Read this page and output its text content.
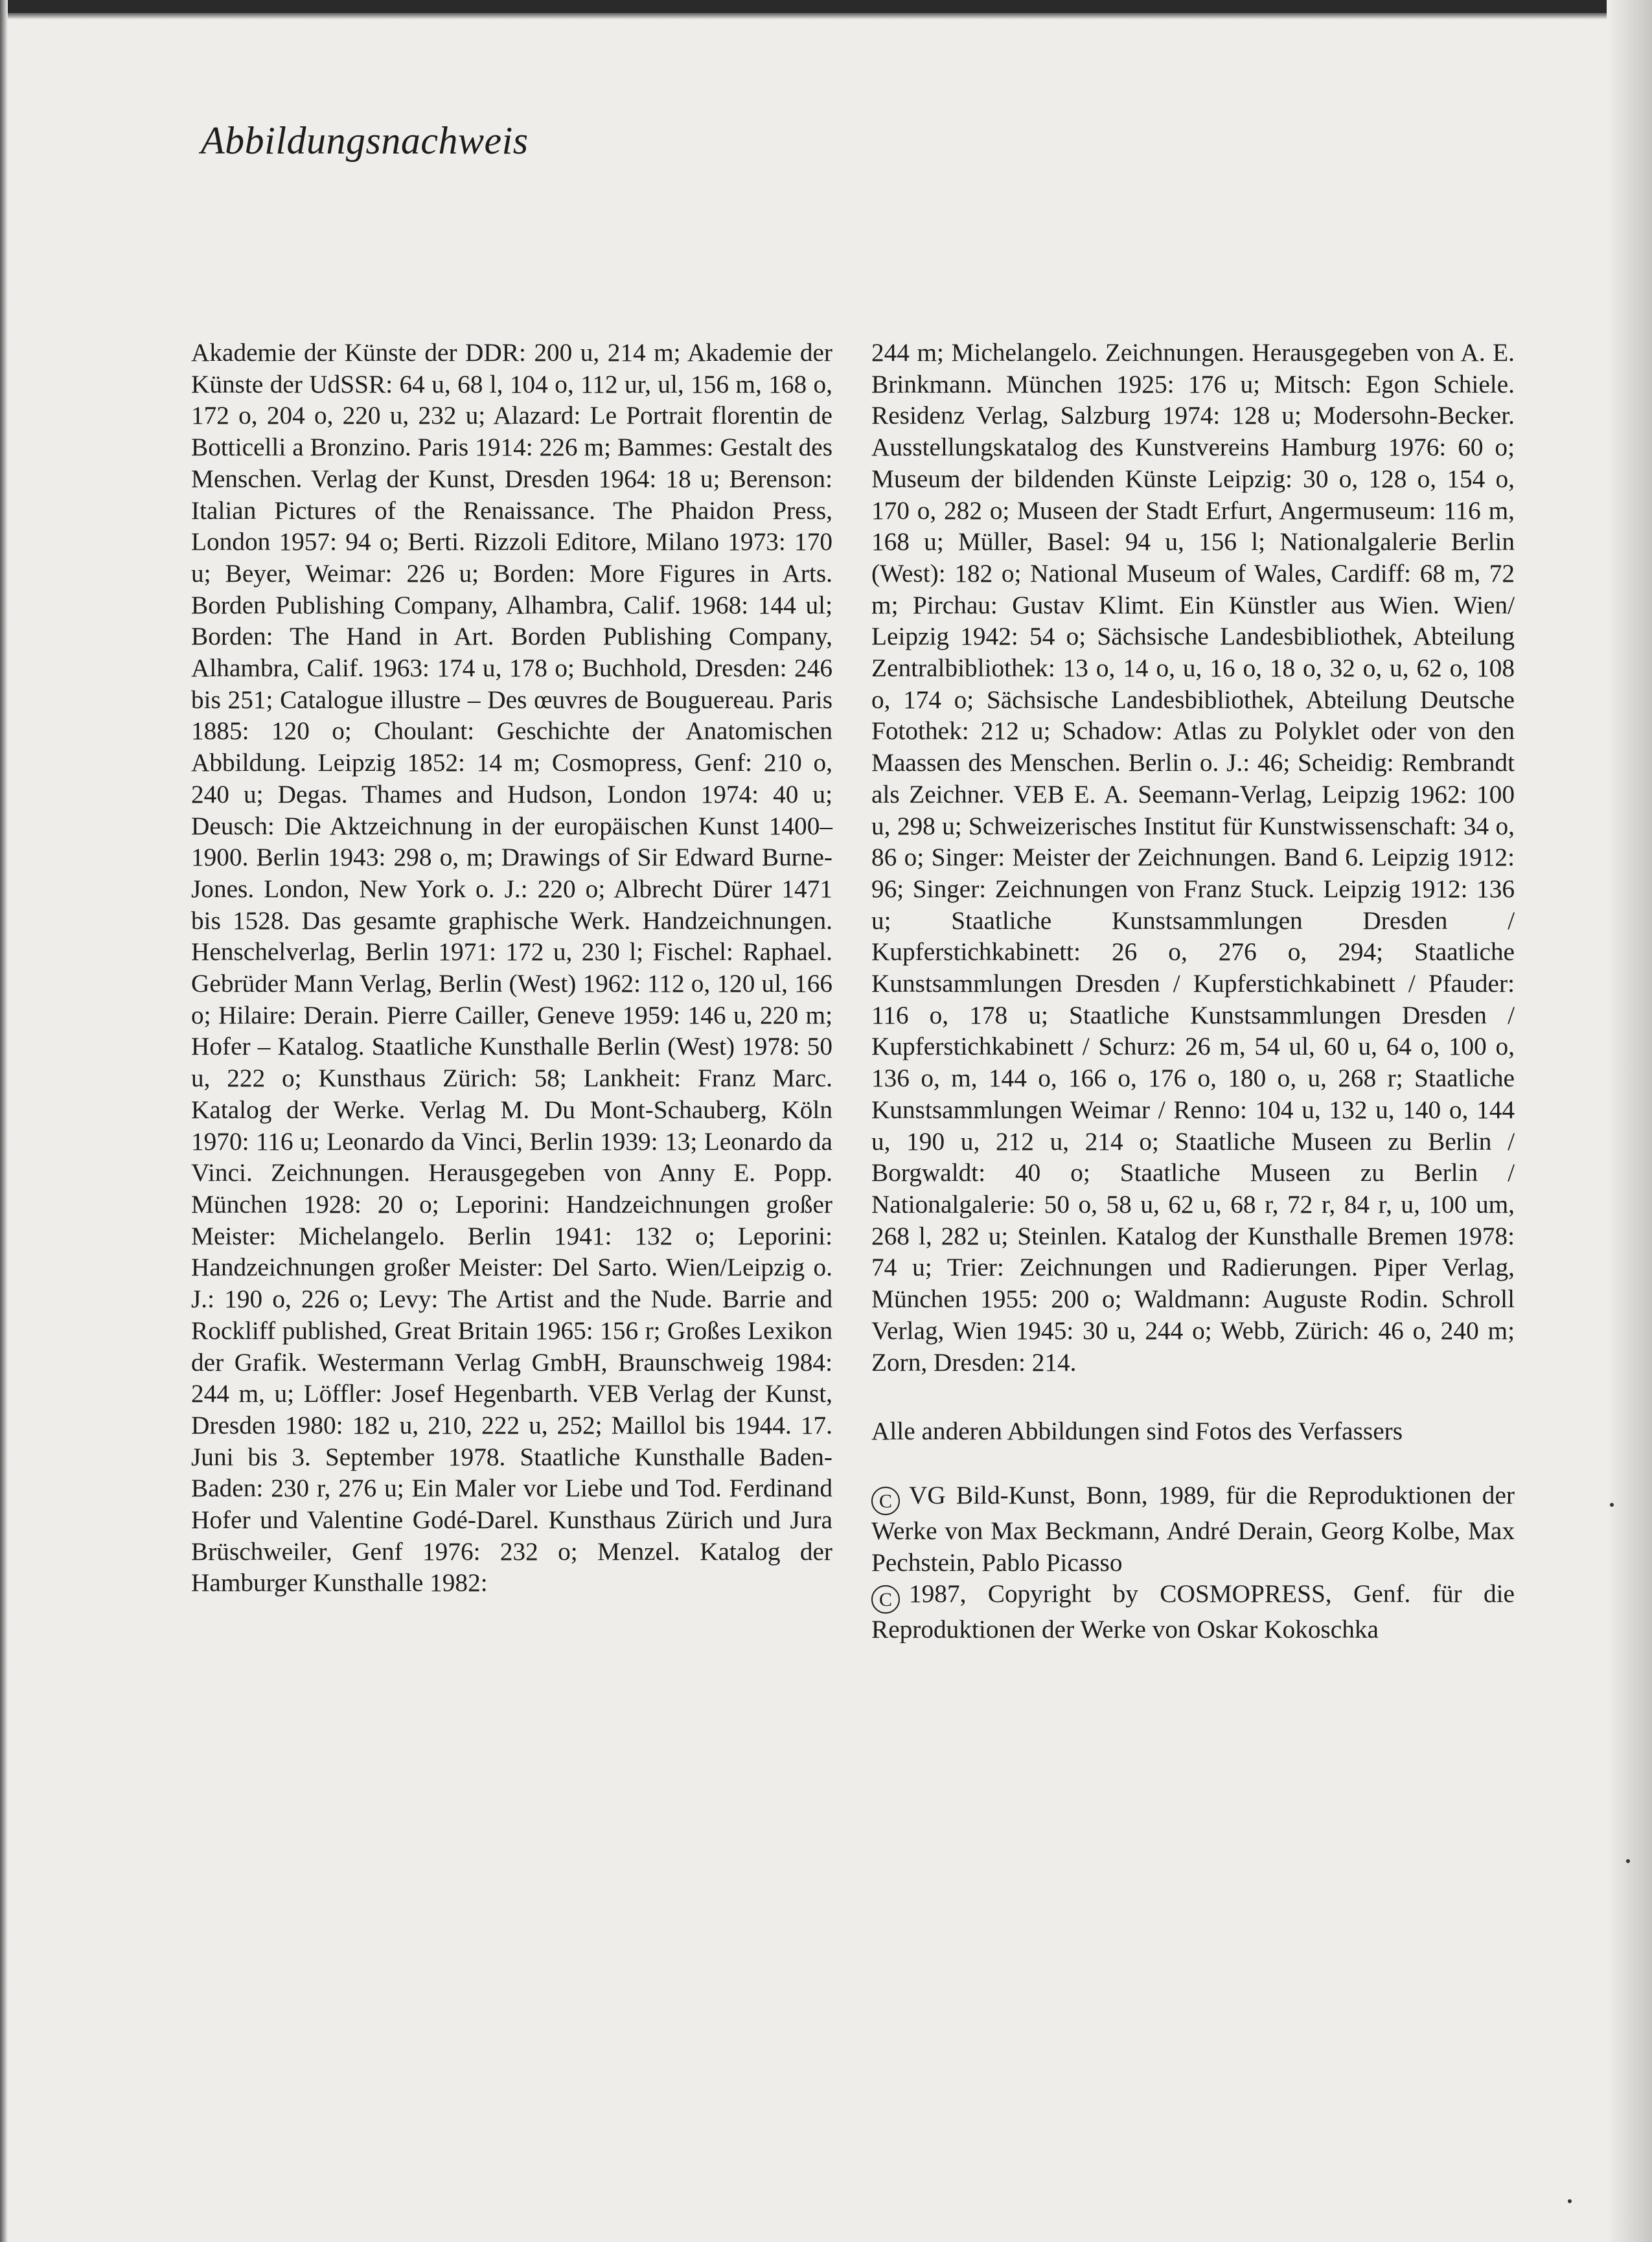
Abbildungsnachweis

Akademie der Künste der DDR: 200 u, 214 m; Akademie der Künste der UdSSR: 64 u, 68 l, 104 o, 112 ur, ul, 156 m, 168 o, 172 o, 204 o, 220 u, 232 u; Alazard: Le Portrait florentin de Botticelli a Bronzino. Paris 1914: 226 m; Bammes: Gestalt des Menschen. Verlag der Kunst, Dresden 1964: 18 u; Berenson: Italian Pictures of the Renaissance. The Phaidon Press, London 1957: 94 o; Berti. Rizzoli Editore, Milano 1973: 170 u; Beyer, Weimar: 226 u; Borden: More Figures in Arts. Borden Publishing Company, Alhambra, Calif. 1968: 144 ul; Borden: The Hand in Art. Borden Publishing Company, Alhambra, Calif. 1963: 174 u, 178 o; Buchhold, Dresden: 246 bis 251; Catalogue illustre – Des œuvres de Bouguereau. Paris 1885: 120 o; Choulant: Geschichte der Anatomischen Abbildung. Leipzig 1852: 14 m; Cosmopress, Genf: 210 o, 240 u; Degas. Thames and Hudson, London 1974: 40 u; Deusch: Die Aktzeichnung in der europäischen Kunst 1400–1900. Berlin 1943: 298 o, m; Drawings of Sir Edward Burne-Jones. London, New York o. J.: 220 o; Albrecht Dürer 1471 bis 1528. Das gesamte graphische Werk. Handzeichnungen. Henschelverlag, Berlin 1971: 172 u, 230 l; Fischel: Raphael. Gebrüder Mann Verlag, Berlin (West) 1962: 112 o, 120 ul, 166 o; Hilaire: Derain. Pierre Cailler, Geneve 1959: 146 u, 220 m; Hofer – Katalog. Staatliche Kunsthalle Berlin (West) 1978: 50 u, 222 o; Kunsthaus Zürich: 58; Lankheit: Franz Marc. Katalog der Werke. Verlag M. Du Mont-Schauberg, Köln 1970: 116 u; Leonardo da Vinci, Berlin 1939: 13; Leonardo da Vinci. Zeichnungen. Herausgegeben von Anny E. Popp. München 1928: 20 o; Leporini: Handzeichnungen großer Meister: Michelangelo. Berlin 1941: 132 o; Leporini: Handzeichnungen großer Meister: Del Sarto. Wien/Leipzig o. J.: 190 o, 226 o; Levy: The Artist and the Nude. Barrie and Rockliff published, Great Britain 1965: 156 r; Großes Lexikon der Grafik. Westermann Verlag GmbH, Braunschweig 1984: 244 m, u; Löffler: Josef Hegenbarth. VEB Verlag der Kunst, Dresden 1980: 182 u, 210, 222 u, 252; Maillol bis 1944. 17. Juni bis 3. September 1978. Staatliche Kunsthalle Baden-Baden: 230 r, 276 u; Ein Maler vor Liebe und Tod. Ferdinand Hofer und Valentine Godé-Darel. Kunsthaus Zürich und Jura Brüschweiler, Genf 1976: 232 o; Menzel. Katalog der Hamburger Kunsthalle 1982:

244 m; Michelangelo. Zeichnungen. Herausgegeben von A. E. Brinkmann. München 1925: 176 u; Mitsch: Egon Schiele. Residenz Verlag, Salzburg 1974: 128 u; Modersohn-Becker. Ausstellungskatalog des Kunstvereins Hamburg 1976: 60 o; Museum der bildenden Künste Leipzig: 30 o, 128 o, 154 o, 170 o, 282 o; Museen der Stadt Erfurt, Angermuseum: 116 m, 168 u; Müller, Basel: 94 u, 156 l; Nationalgalerie Berlin (West): 182 o; National Museum of Wales, Cardiff: 68 m, 72 m; Pirchau: Gustav Klimt. Ein Künstler aus Wien. Wien/ Leipzig 1942: 54 o; Sächsische Landesbibliothek, Abteilung Zentralbibliothek: 13 o, 14 o, u, 16 o, 18 o, 32 o, u, 62 o, 108 o, 174 o; Sächsische Landesbibliothek, Abteilung Deutsche Fotothek: 212 u; Schadow: Atlas zu Polyklet oder von den Maassen des Menschen. Berlin o. J.: 46; Scheidig: Rembrandt als Zeichner. VEB E. A. Seemann-Verlag, Leipzig 1962: 100 u, 298 u; Schweizerisches Institut für Kunstwissenschaft: 34 o, 86 o; Singer: Meister der Zeichnungen. Band 6. Leipzig 1912: 96; Singer: Zeichnungen von Franz Stuck. Leipzig 1912: 136 u; Staatliche Kunstsammlungen Dresden / Kupferstichkabinett: 26 o, 276 o, 294; Staatliche Kunstsammlungen Dresden / Kupferstichkabinett / Pfauder: 116 o, 178 u; Staatliche Kunstsammlungen Dresden / Kupferstichkabinett / Schurz: 26 m, 54 ul, 60 u, 64 o, 100 o, 136 o, m, 144 o, 166 o, 176 o, 180 o, u, 268 r; Staatliche Kunstsammlungen Weimar / Renno: 104 u, 132 u, 140 o, 144 u, 190 u, 212 u, 214 o; Staatliche Museen zu Berlin / Borgwaldt: 40 o; Staatliche Museen zu Berlin / Nationalgalerie: 50 o, 58 u, 62 u, 68 r, 72 r, 84 r, u, 100 um, 268 l, 282 u; Steinlen. Katalog der Kunsthalle Bremen 1978: 74 u; Trier: Zeichnungen und Radierungen. Piper Verlag, München 1955: 200 o; Waldmann: Auguste Rodin. Schroll Verlag, Wien 1945: 30 u, 244 o; Webb, Zürich: 46 o, 240 m; Zorn, Dresden: 214.

Alle anderen Abbildungen sind Fotos des Verfassers

C VG Bild-Kunst, Bonn, 1989, für die Reproduktionen der Werke von Max Beckmann, André Derain, Georg Kolbe, Max Pechstein, Pablo Picasso

C 1987, Copyright by COSMOPRESS, Genf. für die Reproduktionen der Werke von Oskar Kokoschka
